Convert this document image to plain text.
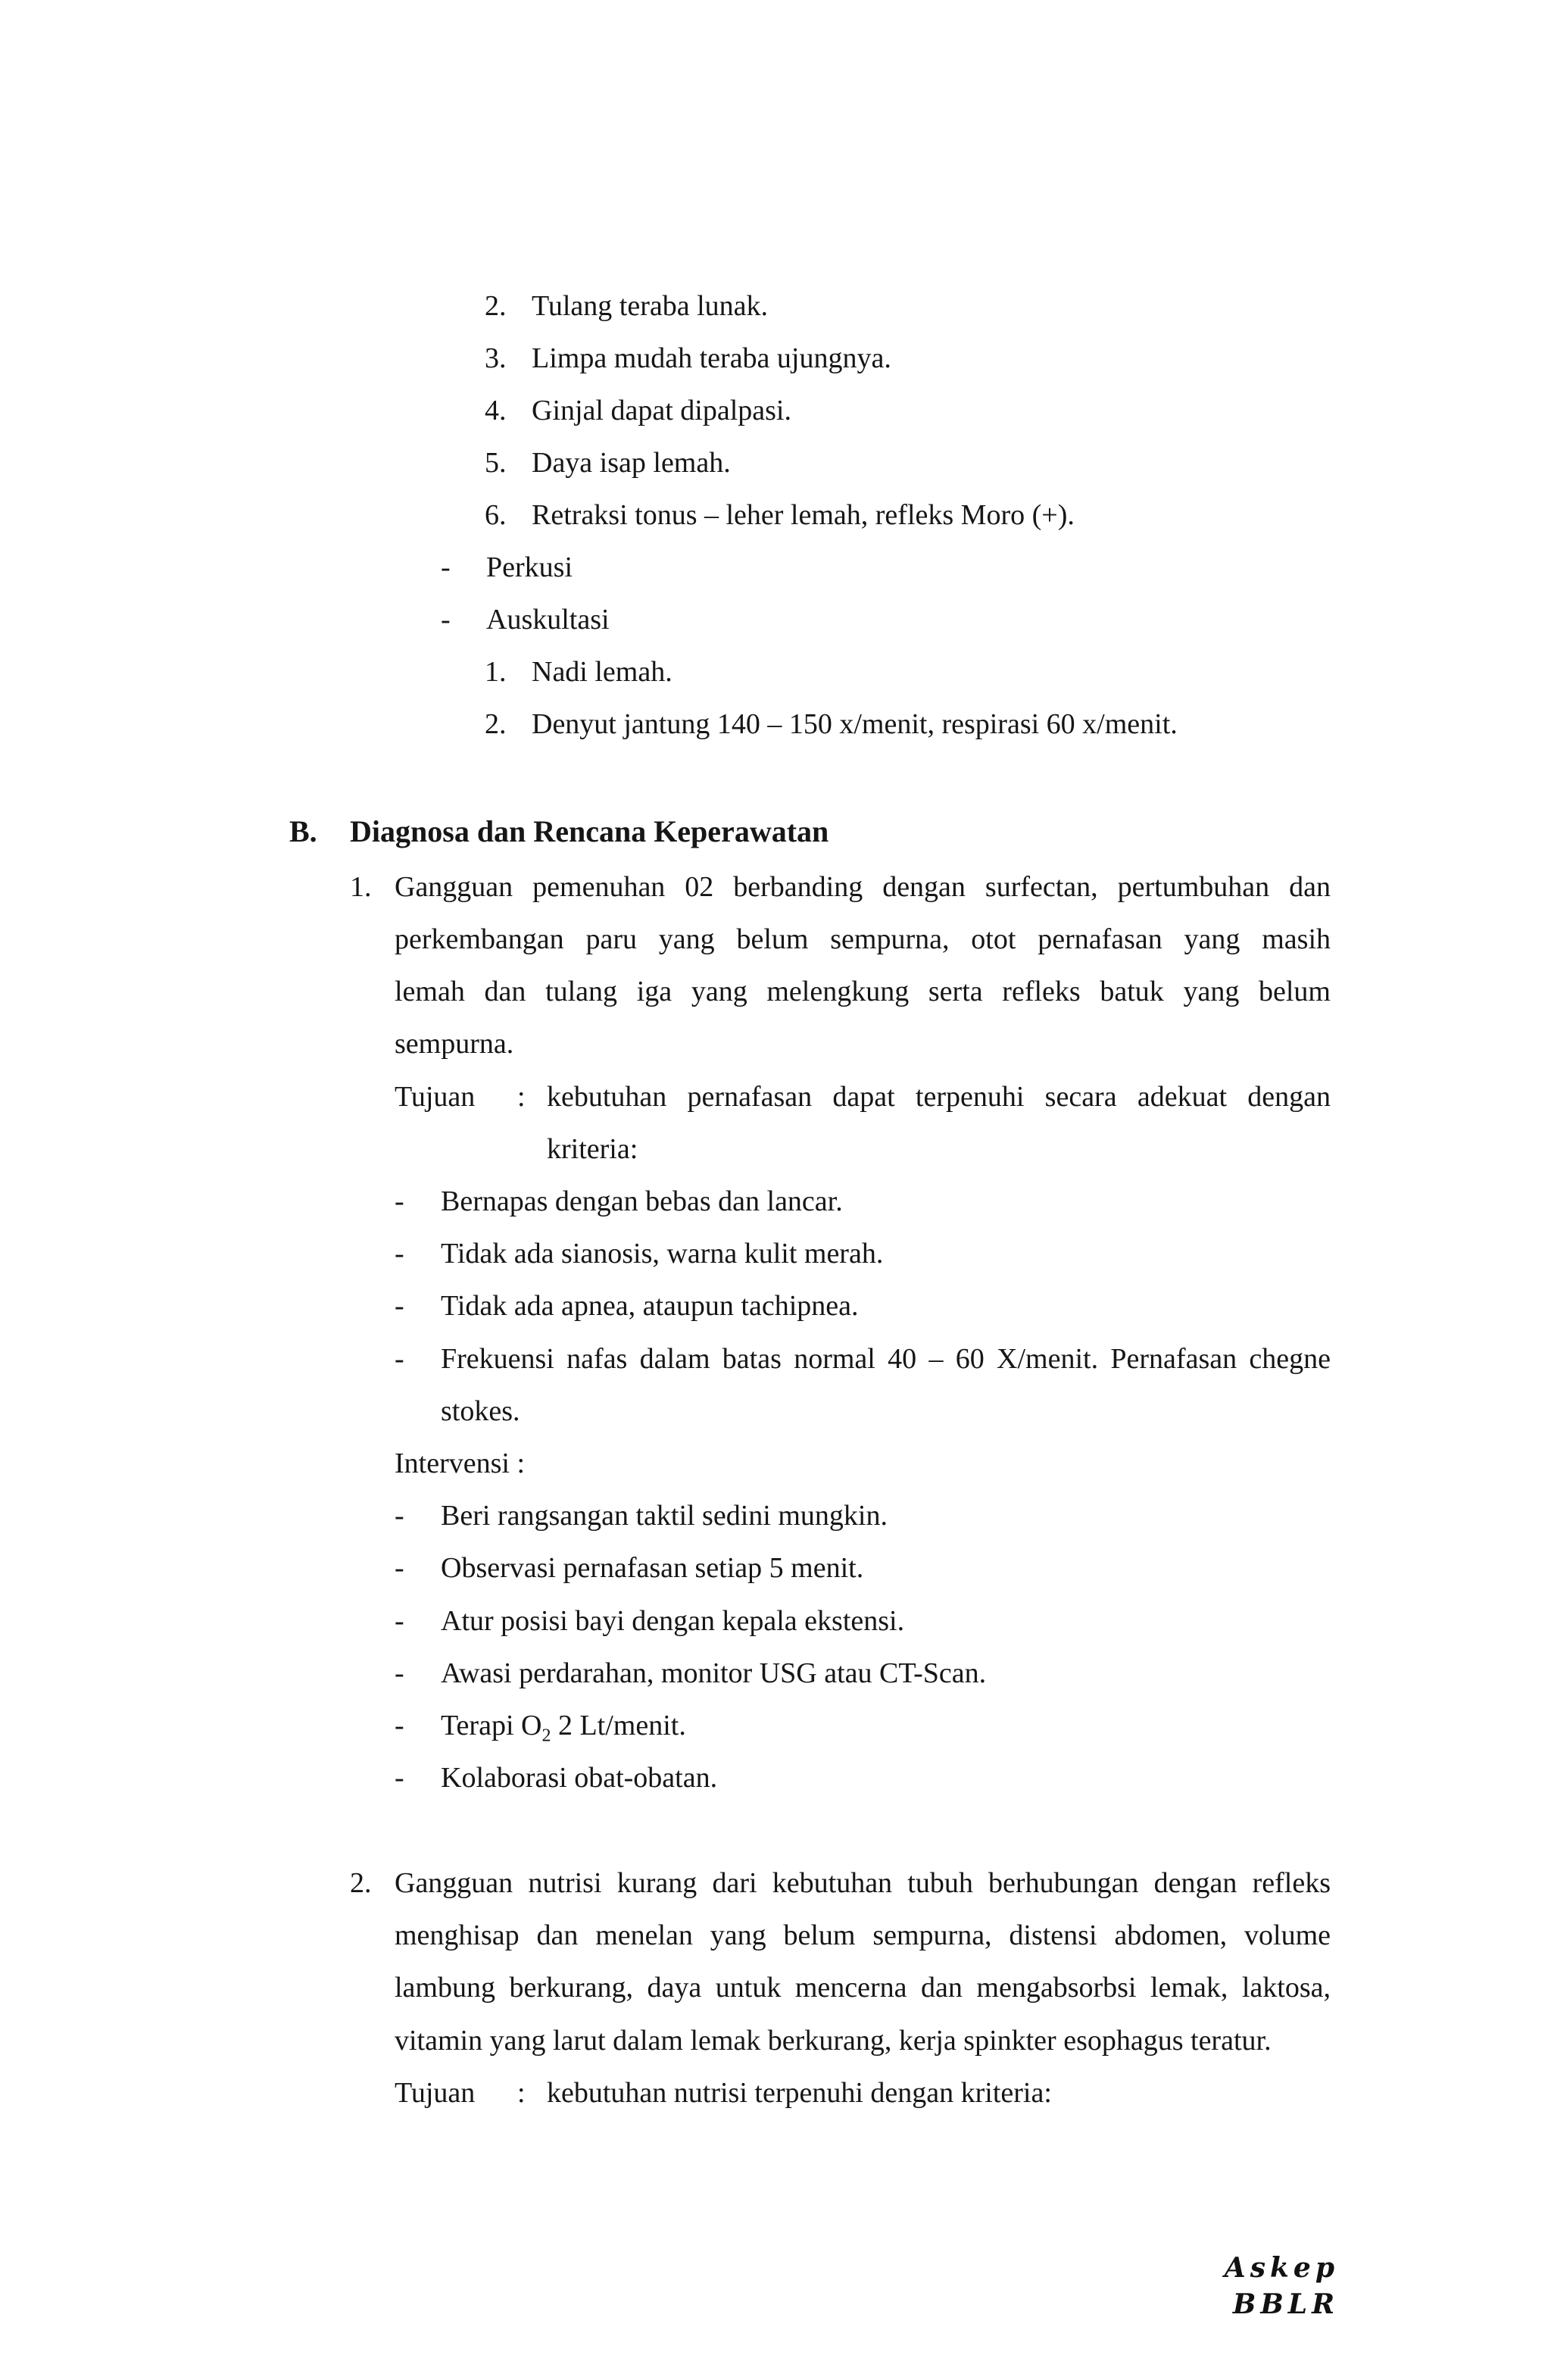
2. Tulang teraba lunak.
3. Limpa mudah teraba ujungnya.
4. Ginjal dapat dipalpasi.
5. Daya isap lemah.
6. Retraksi tonus – leher lemah, refleks Moro (+).
- Perkusi
- Auskultasi
1. Nadi lemah.
2. Denyut jantung 140 – 150 x/menit, respirasi 60 x/menit.
B. Diagnosa dan Rencana Keperawatan
1. Gangguan pemenuhan 02 berbanding dengan surfectan, pertumbuhan dan
perkembangan paru yang belum sempurna, otot pernafasan yang masih
lemah dan tulang iga yang melengkung serta refleks batuk yang belum
sempurna.
Tujuan : kebutuhan pernafasan dapat terpenuhi secara adekuat dengan
kriteria:
- Bernapas dengan bebas dan lancar.
- Tidak ada sianosis, warna kulit merah.
- Tidak ada apnea, ataupun tachipnea.
- Frekuensi nafas dalam batas normal 40 – 60 X/menit. Pernafasan chegne
stokes.
Intervensi :
- Beri rangsangan taktil sedini mungkin.
- Observasi pernafasan setiap 5 menit.
- Atur posisi bayi dengan kepala ekstensi.
- Awasi perdarahan, monitor USG atau CT-Scan.
- Terapi $O_2$ 2 Lt/menit.
- Kolaborasi obat-obatan.
2. Gangguan nutrisi kurang dari kebutuhan tubuh berhubungan dengan refleks
menghisap dan menelan yang belum sempurna, distensi abdomen, volume
lambung berkurang, daya untuk mencerna dan mengabsorbsi lemak, laktosa,
vitamin yang larut dalam lemak berkurang, kerja spinkter esophagus teratur.
Tujuan : kebutuhan nutrisi terpenuhi dengan kriteria:
Askep BBLR
